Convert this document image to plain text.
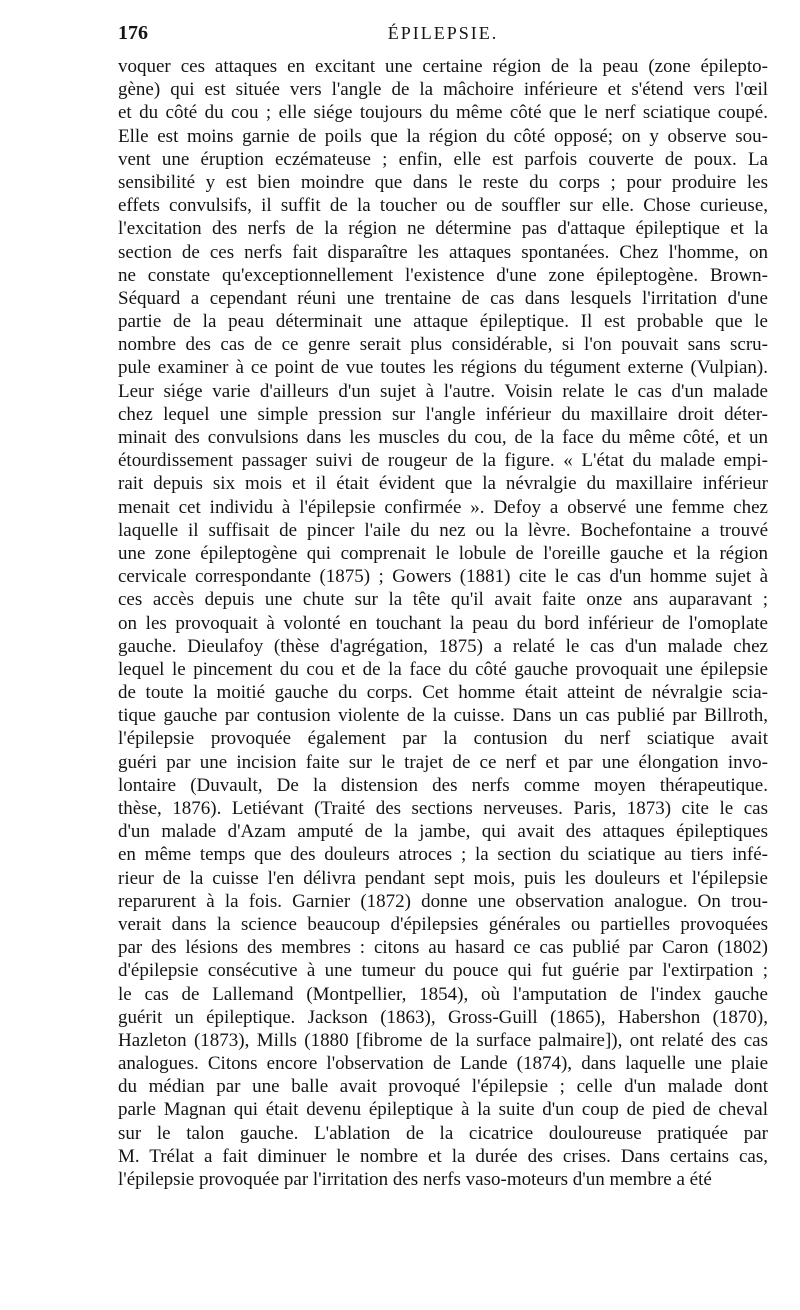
176	ÉPILEPSIE.
voquer ces attaques en excitant une certaine région de la peau (zone épilepto-
gène) qui est située vers l'angle de la mâchoire inférieure et s'étend vers l'œil
et du côté du cou ; elle siége toujours du même côté que le nerf sciatique coupé.
Elle est moins garnie de poils que la région du côté opposé; on y observe sou-
vent une éruption eczémateuse ; enfin, elle est parfois couverte de poux. La
sensibilité y est bien moindre que dans le reste du corps ; pour produire les
effets convulsifs, il suffit de la toucher ou de souffler sur elle. Chose curieuse,
l'excitation des nerfs de la région ne détermine pas d'attaque épileptique et la
section de ces nerfs fait disparaître les attaques spontanées. Chez l'homme, on
ne constate qu'exceptionnellement l'existence d'une zone épileptogène. Brown-
Séquard a cependant réuni une trentaine de cas dans lesquels l'irritation d'une
partie de la peau déterminait une attaque épileptique. Il est probable que le
nombre des cas de ce genre serait plus considérable, si l'on pouvait sans scru-
pule examiner à ce point de vue toutes les régions du tégument externe (Vulpian).
Leur siége varie d'ailleurs d'un sujet à l'autre. Voisin relate le cas d'un malade
chez lequel une simple pression sur l'angle inférieur du maxillaire droit déter-
minait des convulsions dans les muscles du cou, de la face du même côté, et un
étourdissement passager suivi de rougeur de la figure. « L'état du malade empi-
rait depuis six mois et il était évident que la névralgie du maxillaire inférieur
menait cet individu à l'épilepsie confirmée ». Defoy a observé une femme chez
laquelle il suffisait de pincer l'aile du nez ou la lèvre. Bochefontaine a trouvé
une zone épileptogène qui comprenait le lobule de l'oreille gauche et la région
cervicale correspondante (1875) ; Gowers (1881) cite le cas d'un homme sujet à
ces accès depuis une chute sur la tête qu'il avait faite onze ans auparavant ;
on les provoquait à volonté en touchant la peau du bord inférieur de l'omoplate
gauche. Dieulafoy (thèse d'agrégation, 1875) a relaté le cas d'un malade chez
lequel le pincement du cou et de la face du côté gauche provoquait une épilepsie
de toute la moitié gauche du corps. Cet homme était atteint de névralgie scia-
tique gauche par contusion violente de la cuisse. Dans un cas publié par Billroth,
l'épilepsie provoquée également par la contusion du nerf sciatique avait
guéri par une incision faite sur le trajet de ce nerf et par une élongation invo-
lontaire (Duvault, De la distension des nerfs comme moyen thérapeutique.
thèse, 1876). Letiévant (Traité des sections nerveuses. Paris, 1873) cite le cas
d'un malade d'Azam amputé de la jambe, qui avait des attaques épileptiques
en même temps que des douleurs atroces ; la section du sciatique au tiers infé-
rieur de la cuisse l'en délivra pendant sept mois, puis les douleurs et l'épilepsie
reparurent à la fois. Garnier (1872) donne une observation analogue. On trou-
verait dans la science beaucoup d'épilepsies générales ou partielles provoquées
par des lésions des membres : citons au hasard ce cas publié par Caron (1802)
d'épilepsie consécutive à une tumeur du pouce qui fut guérie par l'extirpation ;
le cas de Lallemand (Montpellier, 1854), où l'amputation de l'index gauche
guérit un épileptique. Jackson (1863), Gross-Guill (1865), Habershon (1870),
Hazleton (1873), Mills (1880 [fibrome de la surface palmaire]), ont relaté des cas
analogues. Citons encore l'observation de Lande (1874), dans laquelle une plaie
du médian par une balle avait provoqué l'épilepsie ; celle d'un malade dont
parle Magnan qui était devenu épileptique à la suite d'un coup de pied de cheval
sur le talon gauche. L'ablation de la cicatrice douloureuse pratiquée par
M. Trélat a fait diminuer le nombre et la durée des crises. Dans certains cas,
l'épilepsie provoquée par l'irritation des nerfs vaso-moteurs d'un membre a été
